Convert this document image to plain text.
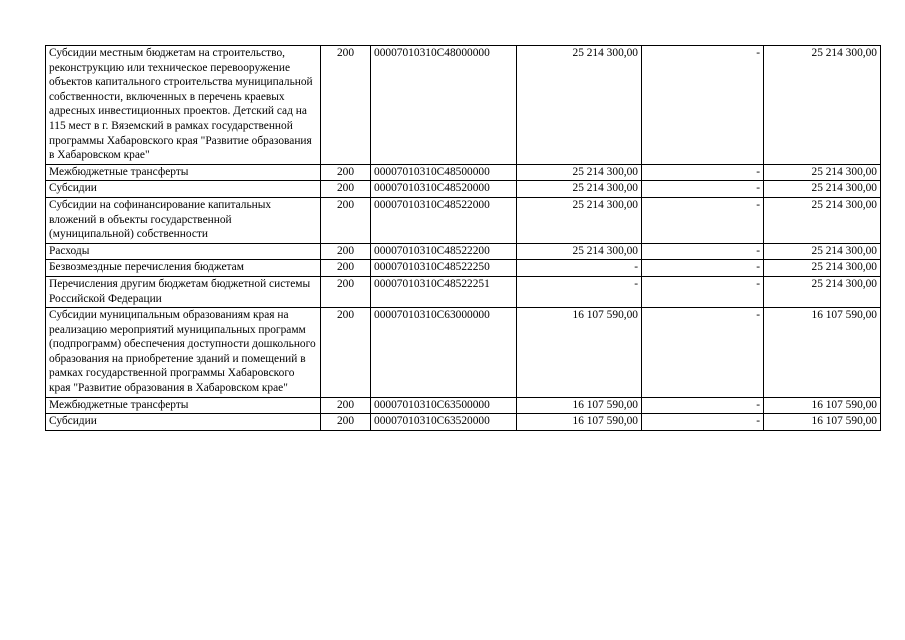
Субсидии местным бюджетам на строительство, реконструкцию или техническое перевооружение объектов капитального строительства муниципальной собственности, включенных в перечень краевых адресных инвестиционных проектов. Детский сад на 115 мест в г. Вяземский в рамках государственной программы Хабаровского края "Развитие образования в Хабаровском крае"	200	00007010310С48000000	25 214 300,00	-	25 214 300,00
Межбюджетные трансферты	200	00007010310С48500000	25 214 300,00	-	25 214 300,00
Субсидии	200	00007010310С48520000	25 214 300,00	-	25 214 300,00
Субсидии на софинансирование капитальных вложений в объекты государственной (муниципальной) собственности	200	00007010310С48522000	25 214 300,00	-	25 214 300,00
Расходы	200	00007010310С48522200	25 214 300,00	-	25 214 300,00
Безвозмездные перечисления бюджетам	200	00007010310С48522250	-	-	25 214 300,00
Перечисления другим бюджетам бюджетной системы Российской Федерации	200	00007010310С48522251	-	-	25 214 300,00
Субсидии муниципальным образованиям края на реализацию мероприятий муниципальных программ (подпрограмм) обеспечения доступности дошкольного образования на приобретение зданий и помещений в рамках государственной программы Хабаровского края "Развитие образования в Хабаровском крае"	200	00007010310С63000000	16 107 590,00	-	16 107 590,00
Межбюджетные трансферты	200	00007010310С63500000	16 107 590,00	-	16 107 590,00
Субсидии	200	00007010310С63520000	16 107 590,00	-	16 107 590,00
